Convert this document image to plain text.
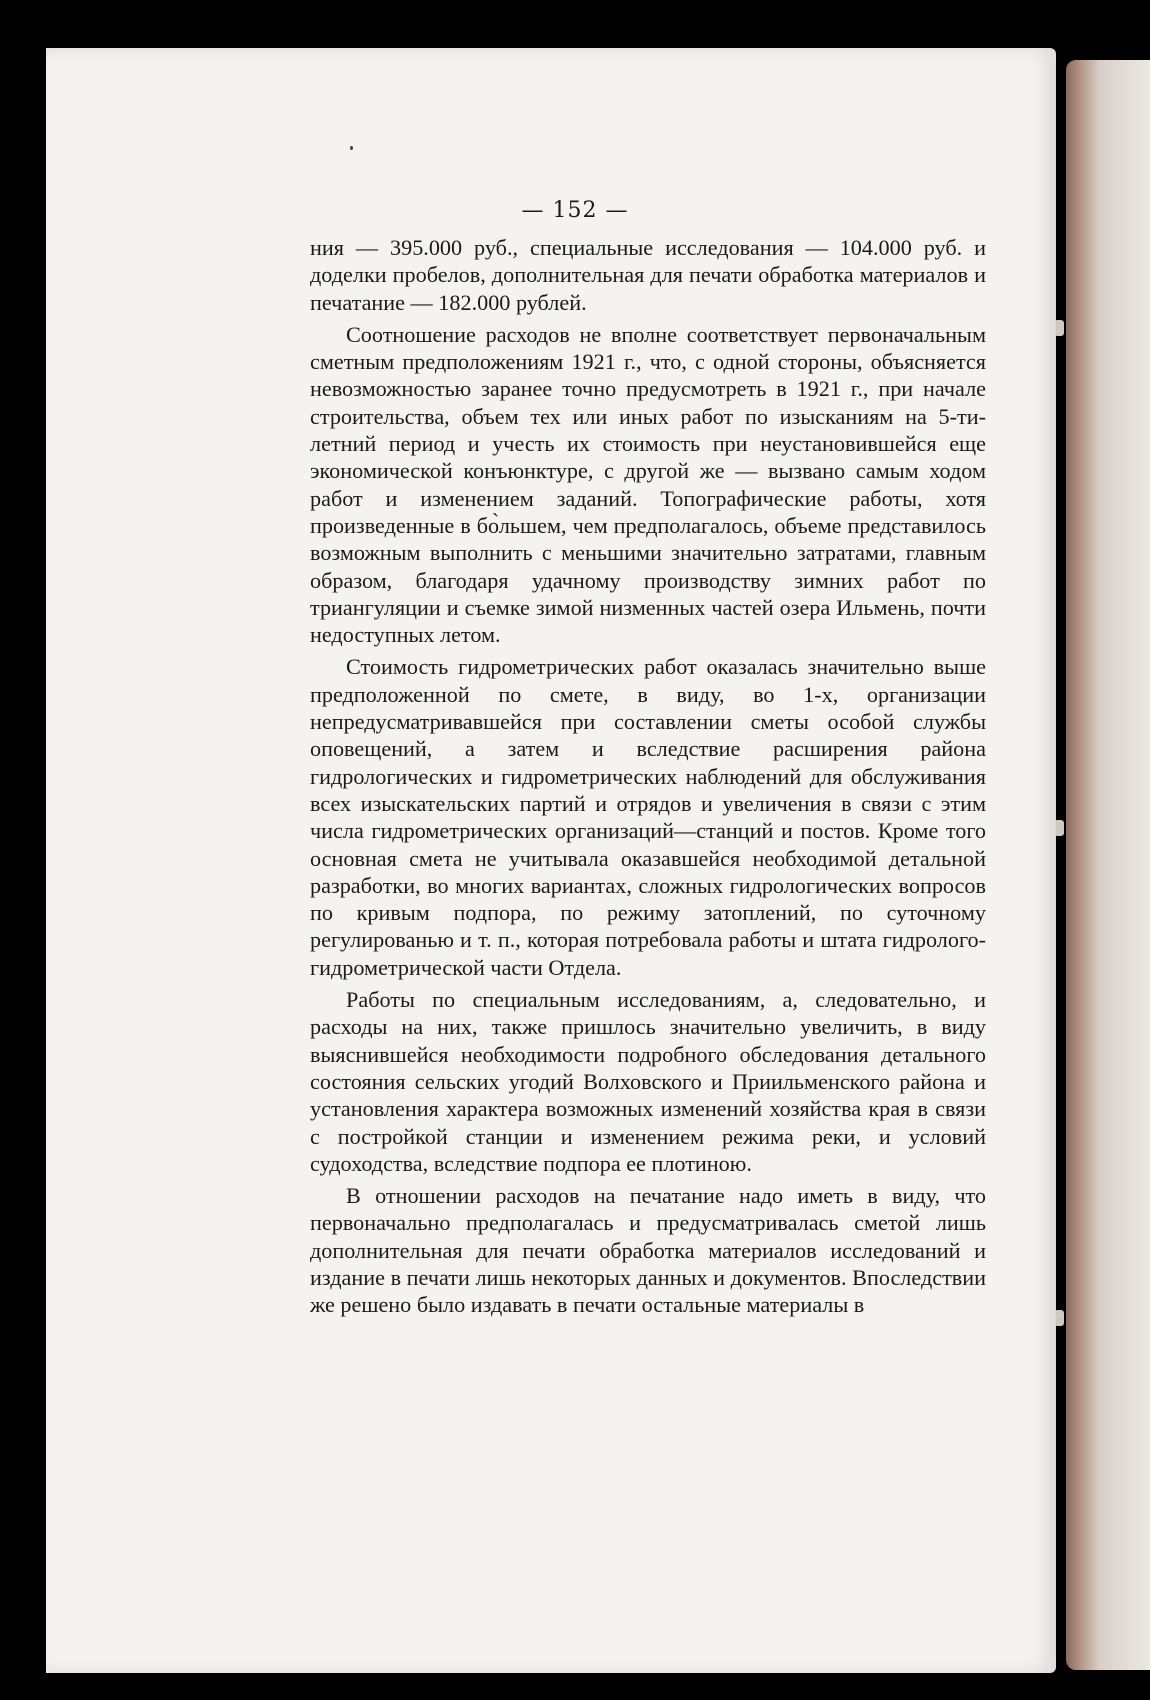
— 152 —

ния — 395.000 руб., специальные исследования — 104.000 руб. и доделки пробелов, дополнительная для печати обработка материалов и печатание — 182.000 рублей.

Соотношение расходов не вполне соответствует первоначальным сметным предположениям 1921 г., что, с одной стороны, объясняется невозможностью заранее точно предусмотреть в 1921 г., при начале строительства, объем тех или иных работ по изысканиям на 5-ти-летний период и учесть их стоимость при неустановившейся еще экономической конъюнктуре, с другой же — вызвано самым ходом работ и изменением заданий. Топографические работы, хотя произведенные в бо̀льшем, чем предполагалось, объеме представилось возможным выполнить с меньшими значительно затратами, главным образом, благодаря удачному производству зимних работ по триангуляции и съемке зимой низменных частей озера Ильмень, почти недоступных летом.

Стоимость гидрометрических работ оказалась значительно выше предположенной по смете, в виду, во 1-х, организации непредусматривавшейся при составлении сметы особой службы оповещений, а затем и вследствие расширения района гидрологических и гидрометрических наблюдений для обслуживания всех изыскательских партий и отрядов и увеличения в связи с этим числа гидрометрических организаций—станций и постов. Кроме того основная смета не учитывала оказавшейся необходимой детальной разработки, во многих вариантах, сложных гидрологических вопросов по кривым подпора, по режиму затоплений, по суточному регулированью и т. п., которая потребовала работы и штата гидролого-гидрометрической части Отдела.

Работы по специальным исследованиям, а, следовательно, и расходы на них, также пришлось значительно увеличить, в виду выяснившейся необходимости подробного обследования детального состояния сельских угодий Волховского и Приильменского района и установления характера возможных изменений хозяйства края в связи с постройкой станции и изменением режима реки, и условий судоходства, вследствие подпора ее плотиною.

В отношении расходов на печатание надо иметь в виду, что первоначально предполагалась и предусматривалась сметой лишь дополнительная для печати обработка материалов исследований и издание в печати лишь некоторых данных и документов. Впоследствии же решено было издавать в печати остальные материалы в
